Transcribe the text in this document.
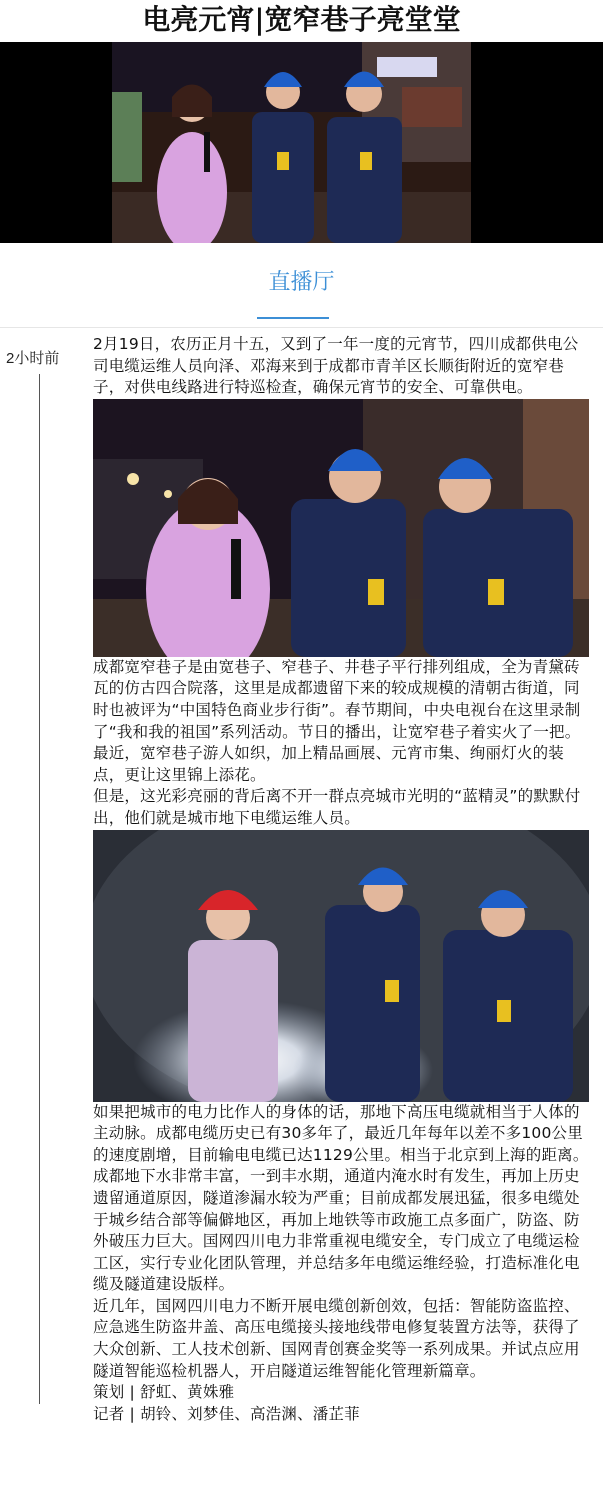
电亮元宵|宽窄巷子亮堂堂
直播厅
2小时前

2月19日，农历正月十五，又到了一年一度的元宵节，四川成都供电公司电缆运维人员向泽、邓海来到于成都市青羊区长顺街附近的宽窄巷子，对供电线路进行特巡检查，确保元宵节的安全、可靠供电。

成都宽窄巷子是由宽巷子、窄巷子、井巷子平行排列组成，全为青黛砖瓦的仿古四合院落，这里是成都遗留下来的较成规模的清朝古街道，同时也被评为“中国特色商业步行街”。春节期间，中央电视台在这里录制了“我和我的祖国”系列活动。节日的播出，让宽窄巷子着实火了一把。最近，宽窄巷子游人如织，加上精品画展、元宵市集、绚丽灯火的装点，更让这里锦上添花。

但是，这光彩亮丽的背后离不开一群点亮城市光明的“蓝精灵”的默默付出，他们就是城市地下电缆运维人员。

如果把城市的电力比作人的身体的话，那地下高压电缆就相当于人体的主动脉。成都电缆历史已有30多年了，最近几年每年以差不多100公里的速度剧增，目前输电电缆已达1129公里。相当于北京到上海的距离。

成都地下水非常丰富，一到丰水期，通道内淹水时有发生，再加上历史遗留通道原因，隧道渗漏水较为严重；目前成都发展迅猛，很多电缆处于城乡结合部等偏僻地区，再加上地铁等市政施工点多面广，防盗、防外破压力巨大。国网四川电力非常重视电缆安全，专门成立了电缆运检工区，实行专业化团队管理，并总结多年电缆运维经验，打造标准化电缆及隧道建设版样。

近几年，国网四川电力不断开展电缆创新创效，包括：智能防盗监控、应急逃生防盗井盖、高压电缆接头接地线带电修复装置方法等，获得了大众创新、工人技术创新、国网青创赛金奖等一系列成果。并试点应用隧道智能巡检机器人，开启隧道运维智能化管理新篇章。

策划 | 舒虹、黄姝雅

记者 | 胡铃、刘梦佳、高浩渊、潘芷菲
